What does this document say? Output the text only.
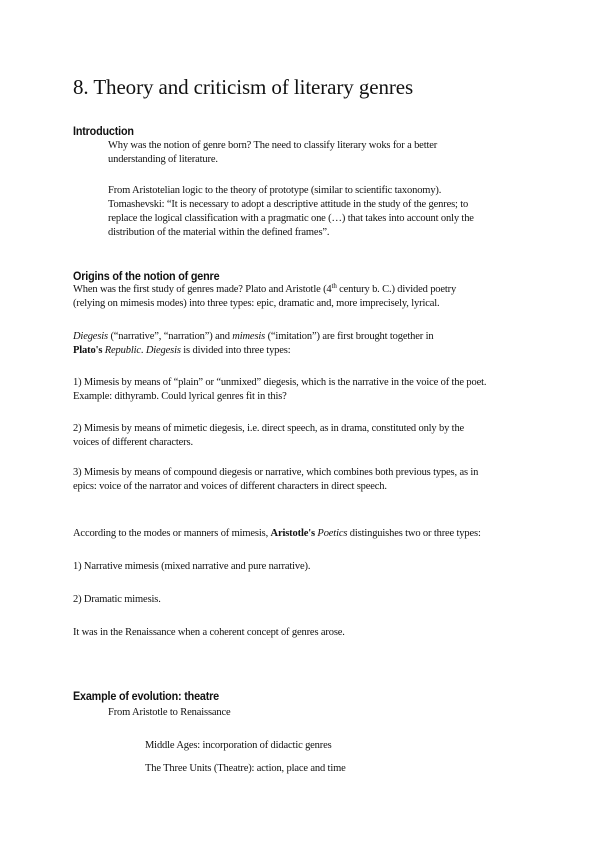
8. Theory and criticism of literary genres
Introduction

Why was the notion of genre born? The need to classify literary woks for a better
understanding of literature.

From Aristotelian logic to the theory of prototype (similar to scientific taxonomy).
Tomashevski: “It is necessary to adopt a descriptive attitude in the study of the genres; to
replace the logical classification with a pragmatic one (…) that takes into account only the
distribution of the material within the defined frames”.

Origins of the notion of genre

When was the first study of genres made? Plato and Aristotle (4th century b. C.) divided poetry
(relying on mimesis modes) into three types: epic, dramatic and, more imprecisely, lyrical.

Diegesis (“narrative”, “narration”) and mimesis (“imitation”) are first brought together in
Plato's Republic. Diegesis is divided into three types:

1) Mimesis by means of “plain” or “unmixed” diegesis, which is the narrative in the voice of the poet.
Example: dithyramb. Could lyrical genres fit in this?

2) Mimesis by means of mimetic diegesis, i.e. direct speech, as in drama, constituted only by the
voices of different characters.

3) Mimesis by means of compound diegesis or narrative, which combines both previous types, as in
epics: voice of the narrator and voices of different characters in direct speech.

According to the modes or manners of mimesis, Aristotle's Poetics distinguishes two or three types:

1) Narrative mimesis (mixed narrative and pure narrative).

2) Dramatic mimesis.

It was in the Renaissance when a coherent concept of genres arose.

Example of evolution: theatre

From Aristotle to Renaissance

Middle Ages: incorporation of didactic genres

The Three Units (Theatre): action, place and time
